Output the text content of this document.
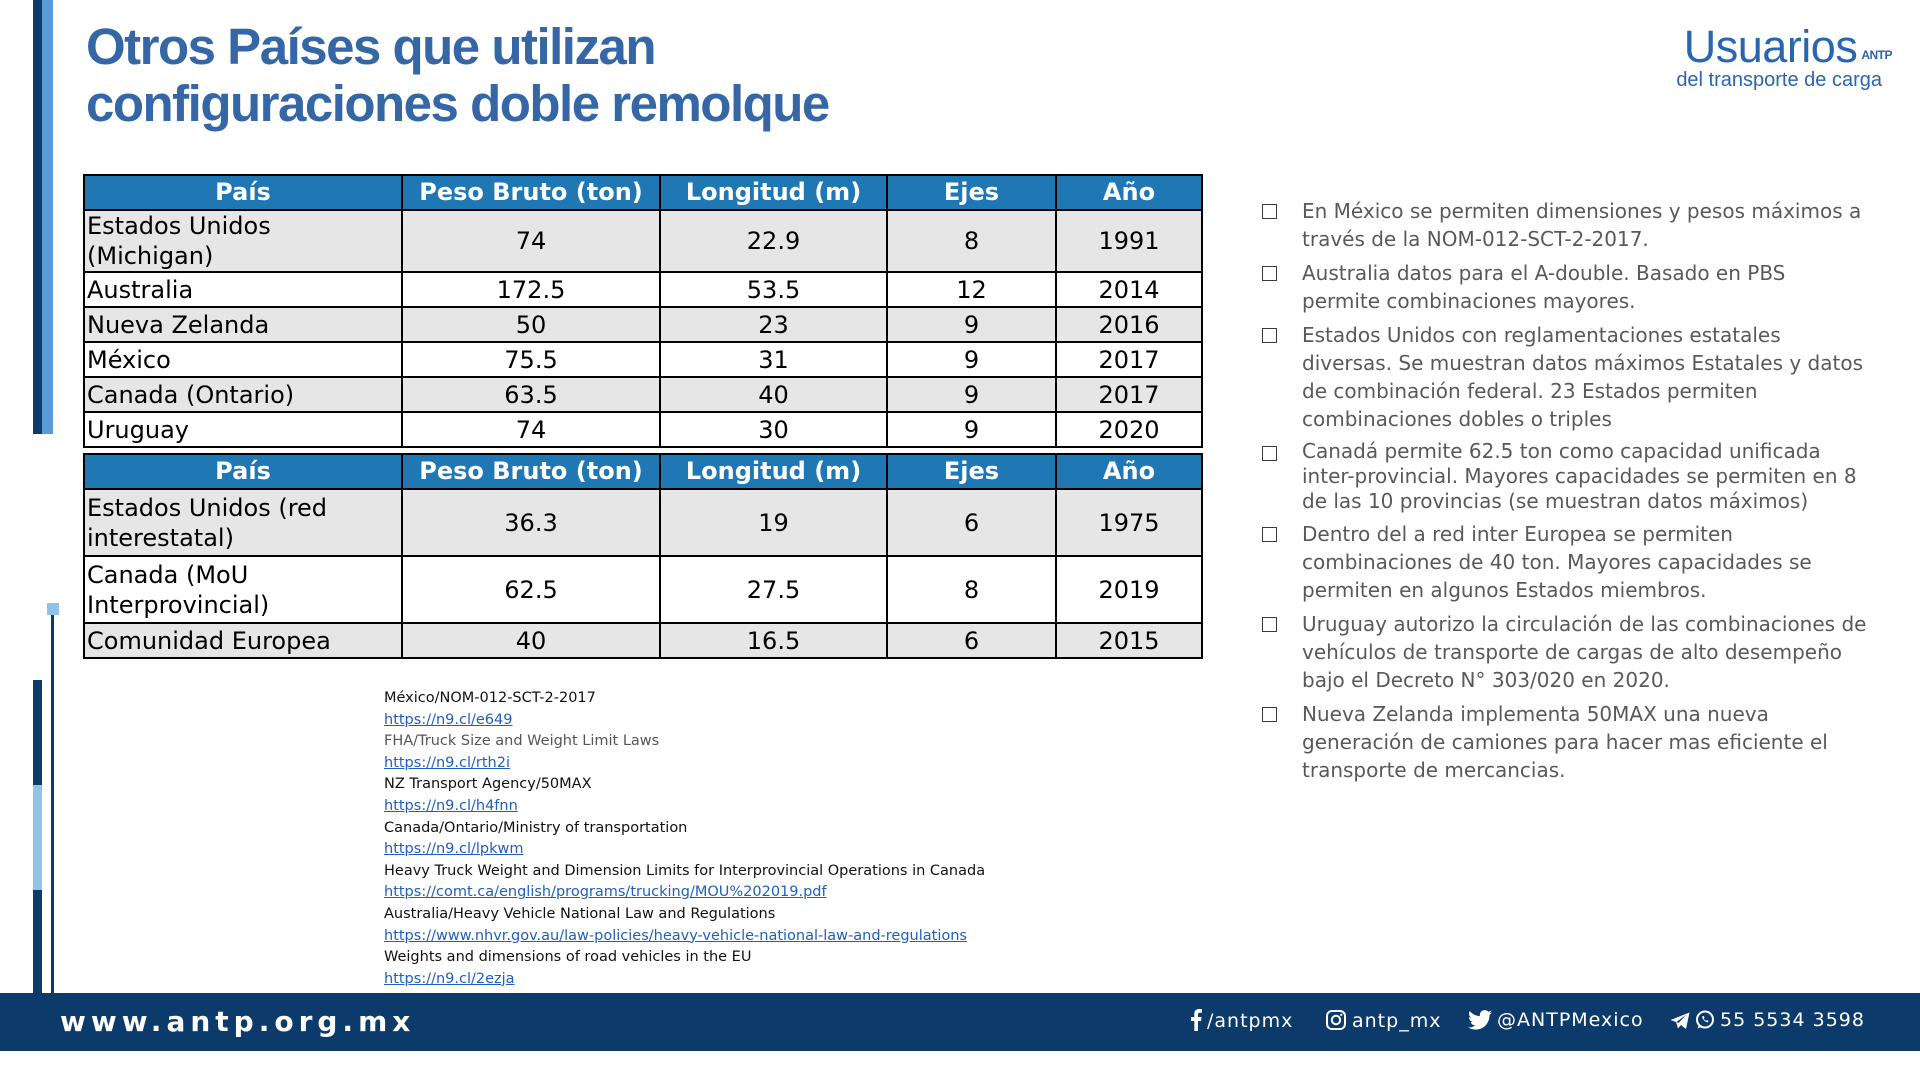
Otros Países que utilizan
configuraciones doble remolque
Usuarios $^{ANTP}$
del transporte de carga
País	Peso Bruto (ton)	Longitud (m)	Ejes	Año
Estados Unidos (Michigan)	74	22.9	8	1991
Australia	172.5	53.5	12	2014
Nueva Zelanda	50	23	9	2016
México	75.5	31	9	2017
Canada (Ontario)	63.5	40	9	2017
Uruguay	74	30	9	2020
País	Peso Bruto (ton)	Longitud (m)	Ejes	Año
Estados Unidos (red interestatal)	36.3	19	6	1975
Canada (MoU Interprovincial)	62.5	27.5	8	2019
Comunidad Europea	40	16.5	6	2015
México/NOM-012-SCT-2-2017
https://n9.cl/e649
FHA/Truck Size and Weight Limit Laws
https://n9.cl/rth2i
NZ Transport Agency/50MAX
https://n9.cl/h4fnn
Canada/Ontario/Ministry of transportation
https://n9.cl/lpkwm
Heavy Truck Weight and Dimension Limits for Interprovincial Operations in Canada
https://comt.ca/english/programs/trucking/MOU%202019.pdf
Australia/Heavy Vehicle National Law and Regulations
https://www.nhvr.gov.au/law-policies/heavy-vehicle-national-law-and-regulations
Weights and dimensions of road vehicles in the EU
https://n9.cl/2ezja
En México se permiten dimensiones y pesos máximos a través de la NOM-012-SCT-2-2017.
Australia datos para el A-double. Basado en PBS permite combinaciones mayores.
Estados Unidos con reglamentaciones estatales diversas. Se muestran datos máximos Estatales y datos de combinación federal. 23 Estados permiten combinaciones dobles o triples
Canadá permite 62.5 ton como capacidad unificada inter-provincial. Mayores capacidades se permiten en 8 de las 10 provincias (se muestran datos máximos)
Dentro del a red inter Europea se permiten combinaciones de 40 ton. Mayores capacidades se permiten en algunos Estados miembros.
Uruguay autorizo la circulación de las combinaciones de vehículos de transporte de cargas de alto desempeño bajo el Decreto N° 303/020 en 2020.
Nueva Zelanda implementa 50MAX una nueva generación de camiones para hacer mas eficiente el transporte de mercancias.
www.antp.org.mx	/antpmx	antp_mx	@ANTPMexico	55 5534 3598
